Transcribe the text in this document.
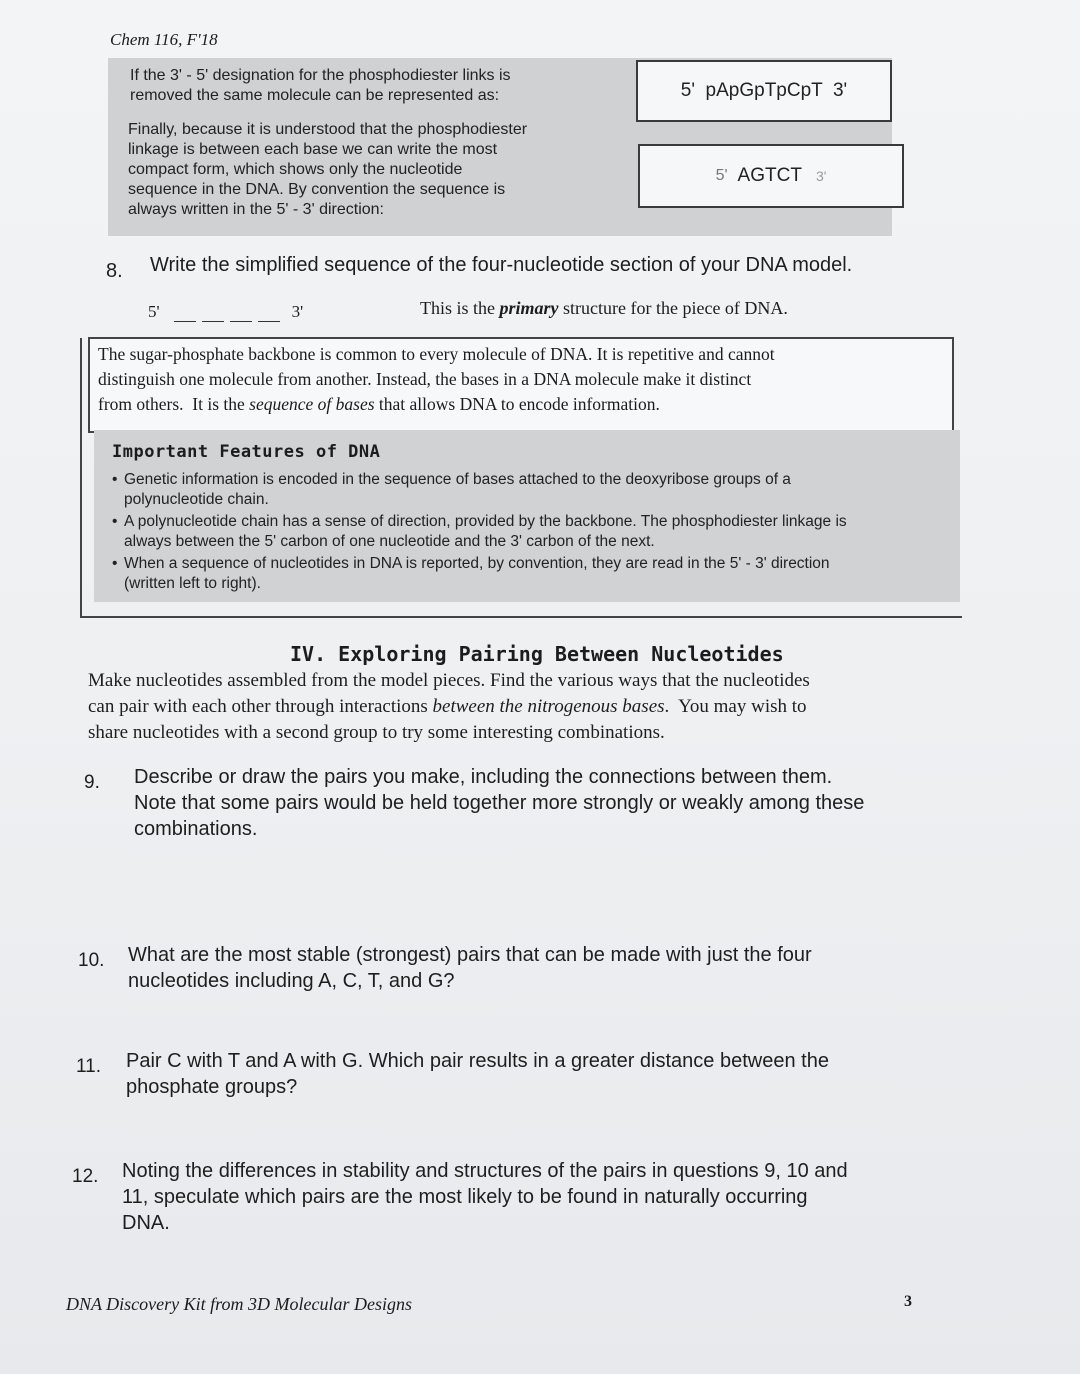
Chem 116, F'18
If the 3' - 5' designation for the phosphodiester links is
removed the same molecule can be represented as:
Finally, because it is understood that the phosphodiester
linkage is between each base we can write the most
compact form, which shows only the nucleotide
sequence in the DNA. By convention the sequence is
always written in the 5' - 3' direction:
5'  pApGpTpCpT  3'
5' AGTCT 3'
8. Write the simplified sequence of the four-nucleotide section of your DNA model.
5'	3'	This is the primary structure for the piece of DNA.
The sugar-phosphate backbone is common to every molecule of DNA. It is repetitive and cannot
distinguish one molecule from another. Instead, the bases in a DNA molecule make it distinct
from others.  It is the sequence of bases that allows DNA to encode information.
Important Features of DNA
• Genetic information is encoded in the sequence of bases attached to the deoxyribose groups of a
polynucleotide chain.
• A polynucleotide chain has a sense of direction, provided by the backbone. The phosphodiester linkage is
always between the 5' carbon of one nucleotide and the 3' carbon of the next.
• When a sequence of nucleotides in DNA is reported, by convention, they are read in the 5' - 3' direction
(written left to right).
IV. Exploring Pairing Between Nucleotides
Make nucleotides assembled from the model pieces. Find the various ways that the nucleotides
can pair with each other through interactions between the nitrogenous bases.  You may wish to
share nucleotides with a second group to try some interesting combinations.
9. Describe or draw the pairs you make, including the connections between them.
Note that some pairs would be held together more strongly or weakly among these
combinations.
10. What are the most stable (strongest) pairs that can be made with just the four
nucleotides including A, C, T, and G?
11. Pair C with T and A with G. Which pair results in a greater distance between the
phosphate groups?
12. Noting the differences in stability and structures of the pairs in questions 9, 10 and
11, speculate which pairs are the most likely to be found in naturally occurring
DNA.
DNA Discovery Kit from 3D Molecular Designs	3
